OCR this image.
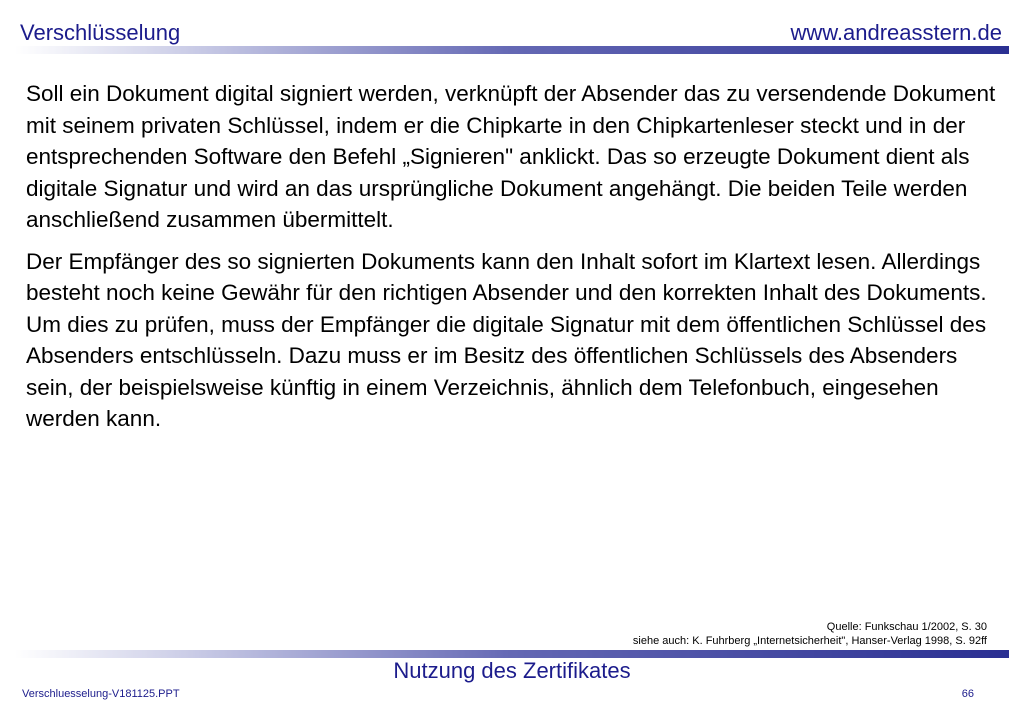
Verschlüsselung	www.andreasstern.de

Soll ein Dokument digital signiert werden, verknüpft der Absender das zu versendende Dokument mit seinem privaten Schlüssel, indem er die Chipkarte in den Chipkartenleser steckt und in der entsprechenden Software den Befehl „Signieren" anklickt. Das so erzeugte Dokument dient als digitale Signatur und wird an das ursprüngliche Dokument angehängt. Die beiden Teile werden anschließend zusammen übermittelt.

Der Empfänger des so signierten Dokuments kann den Inhalt sofort im Klartext lesen. Allerdings besteht noch keine Gewähr für den richtigen Absender und den korrekten Inhalt des Dokuments. Um dies zu prüfen, muss der Empfänger die digitale Signatur mit dem öffentlichen Schlüssel des Absenders entschlüsseln. Dazu muss er im Besitz des öffentlichen Schlüssels des Absenders sein, der beispielsweise künftig in einem Verzeichnis, ähnlich dem Telefonbuch, eingesehen werden kann.

Quelle: Funkschau 1/2002, S. 30
siehe auch: K. Fuhrberg „Internetsicherheit", Hanser-Verlag 1998, S. 92ff
Nutzung des Zertifikates
Verschluesselung-V181125.PPT	66
